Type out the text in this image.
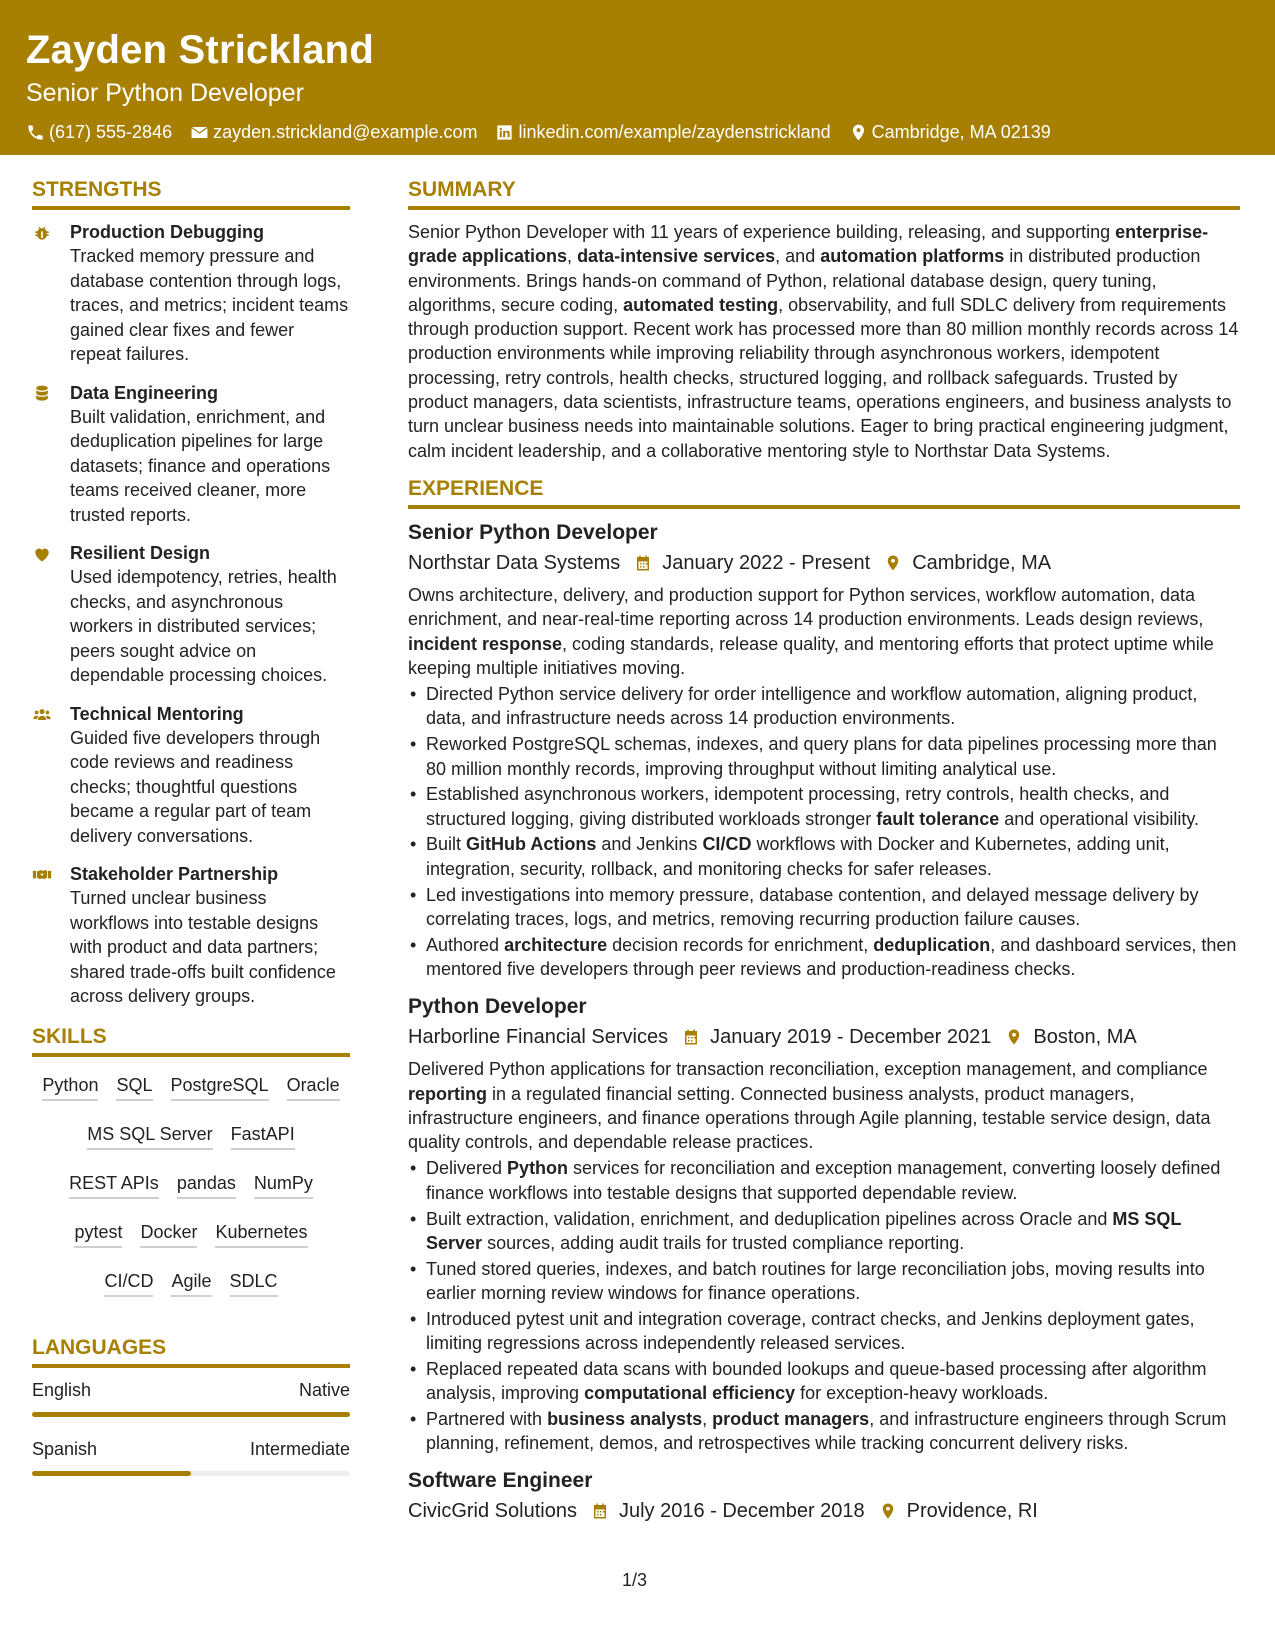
Zayden Strickland
Senior Python Developer
(617) 555-2846 zayden.strickland@example.com linkedin.com/example/zaydenstrickland Cambridge, MA 02139
STRENGTHS
Production Debugging
Tracked memory pressure and database contention through logs, traces, and metrics; incident teams gained clear fixes and fewer repeat failures.
Data Engineering
Built validation, enrichment, and deduplication pipelines for large datasets; finance and operations teams received cleaner, more trusted reports.
Resilient Design
Used idempotency, retries, health checks, and asynchronous workers in distributed services; peers sought advice on dependable processing choices.
Technical Mentoring
Guided five developers through code reviews and readiness checks; thoughtful questions became a regular part of team delivery conversations.
Stakeholder Partnership
Turned unclear business workflows into testable designs with product and data partners; shared trade-offs built confidence across delivery groups.
SKILLS
Python SQL PostgreSQL Oracle
MS SQL Server FastAPI
REST APIs pandas NumPy
pytest Docker Kubernetes
CI/CD Agile SDLC
LANGUAGES
English	Native
Spanish	Intermediate
SUMMARY
Senior Python Developer with 11 years of experience building, releasing, and supporting enterprise-grade applications, data-intensive services, and automation platforms in distributed production environments. Brings hands-on command of Python, relational database design, query tuning, algorithms, secure coding, automated testing, observability, and full SDLC delivery from requirements through production support. Recent work has processed more than 80 million monthly records across 14 production environments while improving reliability through asynchronous workers, idempotent processing, retry controls, health checks, structured logging, and rollback safeguards. Trusted by product managers, data scientists, infrastructure teams, operations engineers, and business analysts to turn unclear business needs into maintainable solutions. Eager to bring practical engineering judgment, calm incident leadership, and a collaborative mentoring style to Northstar Data Systems.
EXPERIENCE
Senior Python Developer
Northstar Data Systems January 2022 - Present Cambridge, MA
Owns architecture, delivery, and production support for Python services, workflow automation, data enrichment, and near-real-time reporting across 14 production environments. Leads design reviews, incident response, coding standards, release quality, and mentoring efforts that protect uptime while keeping multiple initiatives moving.
• Directed Python service delivery for order intelligence and workflow automation, aligning product, data, and infrastructure needs across 14 production environments.
• Reworked PostgreSQL schemas, indexes, and query plans for data pipelines processing more than 80 million monthly records, improving throughput without limiting analytical use.
• Established asynchronous workers, idempotent processing, retry controls, health checks, and structured logging, giving distributed workloads stronger fault tolerance and operational visibility.
• Built GitHub Actions and Jenkins CI/CD workflows with Docker and Kubernetes, adding unit, integration, security, rollback, and monitoring checks for safer releases.
• Led investigations into memory pressure, database contention, and delayed message delivery by correlating traces, logs, and metrics, removing recurring production failure causes.
• Authored architecture decision records for enrichment, deduplication, and dashboard services, then mentored five developers through peer reviews and production-readiness checks.
Python Developer
Harborline Financial Services January 2019 - December 2021 Boston, MA
Delivered Python applications for transaction reconciliation, exception management, and compliance reporting in a regulated financial setting. Connected business analysts, product managers, infrastructure engineers, and finance operations through Agile planning, testable service design, data quality controls, and dependable release practices.
• Delivered Python services for reconciliation and exception management, converting loosely defined finance workflows into testable designs that supported dependable review.
• Built extraction, validation, enrichment, and deduplication pipelines across Oracle and MS SQL Server sources, adding audit trails for trusted compliance reporting.
• Tuned stored queries, indexes, and batch routines for large reconciliation jobs, moving results into earlier morning review windows for finance operations.
• Introduced pytest unit and integration coverage, contract checks, and Jenkins deployment gates, limiting regressions across independently released services.
• Replaced repeated data scans with bounded lookups and queue-based processing after algorithm analysis, improving computational efficiency for exception-heavy workloads.
• Partnered with business analysts, product managers, and infrastructure engineers through Scrum planning, refinement, demos, and retrospectives while tracking concurrent delivery risks.
Software Engineer
CivicGrid Solutions July 2016 - December 2018 Providence, RI
1/3
